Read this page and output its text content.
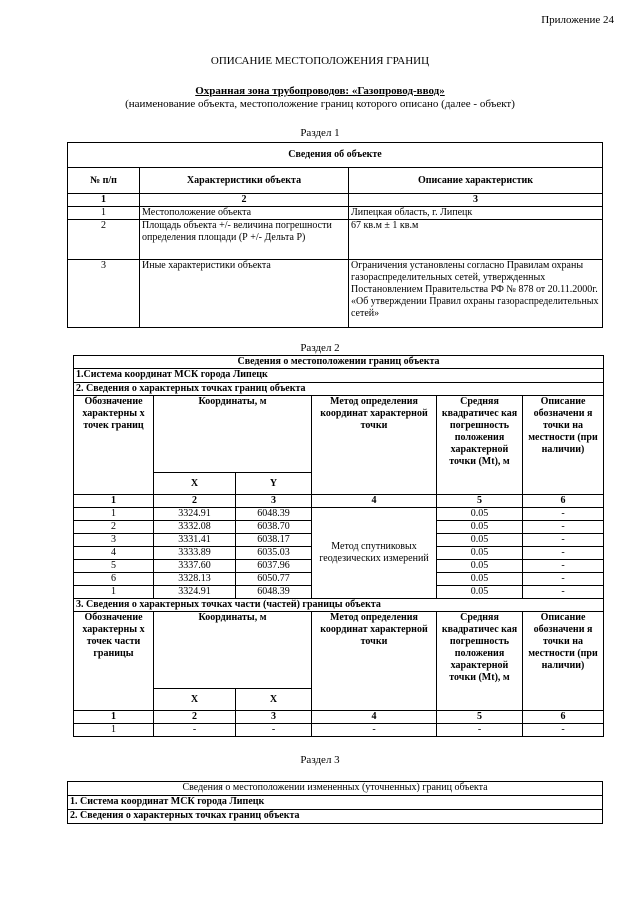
Приложение 24
ОПИСАНИЕ МЕСТОПОЛОЖЕНИЯ ГРАНИЦ
Охранная зона трубопроводов: «Газопровод-ввод»
(наименование объекта, местоположение границ которого описано (далее - объект)
Раздел 1
Сведения об объекте		
№ п/п	Характеристики объекта	Описание характеристик
1	2	3
1	Местоположение объекта	Липецкая область, г. Липецк
2	Площадь объекта +/- величина погрешности определения площади (Р +/- Дельта Р)	67 кв.м ± 1 кв.м
3	Иные характеристики объекта	Ограничения установлены согласно Правилам охраны газораспределительных сетей, утвержденных Постановлением Правительства РФ № 878 от 20.11.2000г. «Об утверждении Правил охраны газораспределительных сетей»
Раздел 2
Сведения о местоположении границ объекта					
1.Система координат МСК города Липецк					
2. Сведения о характерных точках границ объекта					
Обозначение характерны х точек границ	Координаты, м		Метод определения координат характерной точки	Средняя квадратичес кая погрешность положения характерной точки (Mt), м	Описание обозначени я точки на местности (при наличии)
	X	Y			
1	2	3	4	5	6
1	3324.91	6048.39	Метод спутниковых геодезических измерений	0.05	-
2	3332.08	6038.70		0.05	-
3	3331.41	6038.17		0.05	-
4	3333.89	6035.03		0.05	-
5	3337.60	6037.96		0.05	-
6	3328.13	6050.77		0.05	-
1	3324.91	6048.39		0.05	-
3. Сведения о характерных точках части (частей) границы объекта					
Обозначение характерны х точек части границы	Координаты, м		Метод определения координат характерной точки	Средняя квадратичес кая погрешность положения характерной точки (Mt), м	Описание обозначени я точки на местности (при наличии)
	X	X			
1	2	3	4	5	6
1	-	-	-	-	-
Раздел 3
Сведения о местоположении измененных (уточненных) границ объекта
1. Система координат МСК города Липецк
2. Сведения о характерных точках границ объекта
